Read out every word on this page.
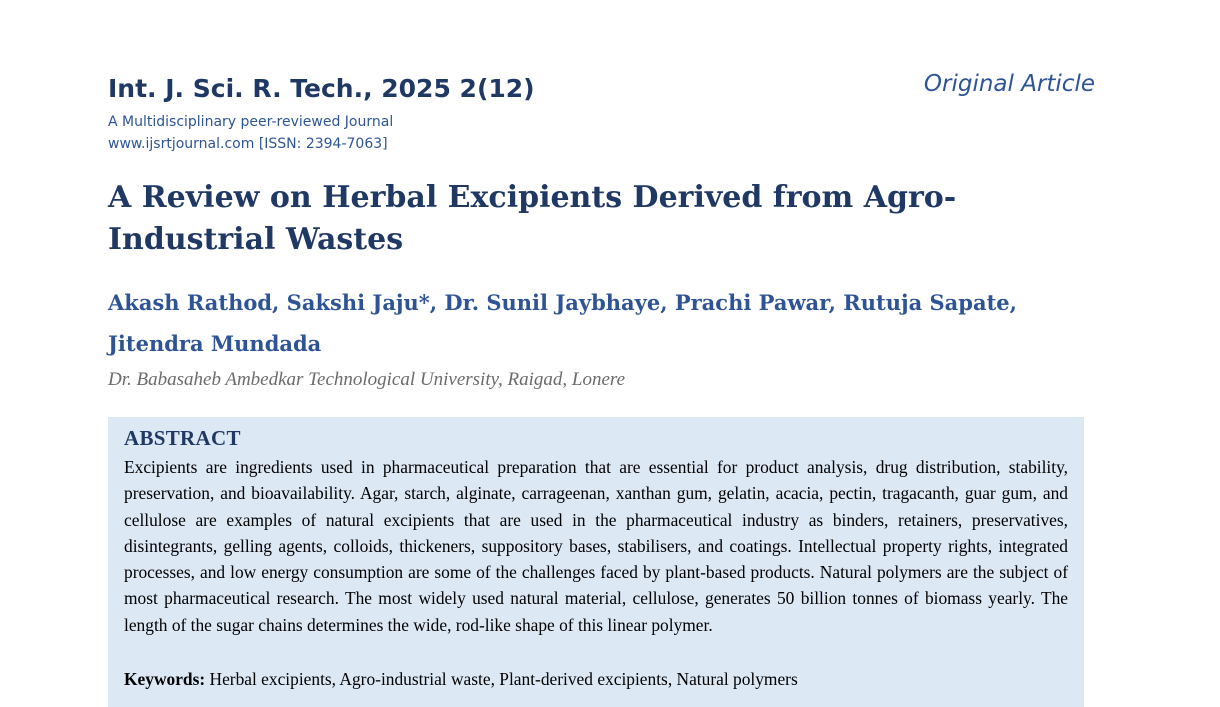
Int. J. Sci. R. Tech., 2025 2(12)	Original Article
A Multidisciplinary peer-reviewed Journal
www.ijsrtjournal.com [ISSN: 2394-7063]
A Review on Herbal Excipients Derived from Agro-Industrial Wastes

Akash Rathod, Sakshi Jaju*, Dr. Sunil Jaybhaye, Prachi Pawar, Rutuja Sapate, Jitendra Mundada

Dr. Babasaheb Ambedkar Technological University, Raigad, Lonere
ABSTRACT

Excipients are ingredients used in pharmaceutical preparation that are essential for product analysis, drug distribution, stability, preservation, and bioavailability. Agar, starch, alginate, carrageenan, xanthan gum, gelatin, acacia, pectin, tragacanth, guar gum, and cellulose are examples of natural excipients that are used in the pharmaceutical industry as binders, retainers, preservatives, disintegrants, gelling agents, colloids, thickeners, suppository bases, stabilisers, and coatings. Intellectual property rights, integrated processes, and low energy consumption are some of the challenges faced by plant-based products. Natural polymers are the subject of most pharmaceutical research. The most widely used natural material, cellulose, generates 50 billion tonnes of biomass yearly. The length of the sugar chains determines the wide, rod-like shape of this linear polymer.

Keywords: Herbal excipients, Agro-industrial waste, Plant-derived excipients, Natural polymers
